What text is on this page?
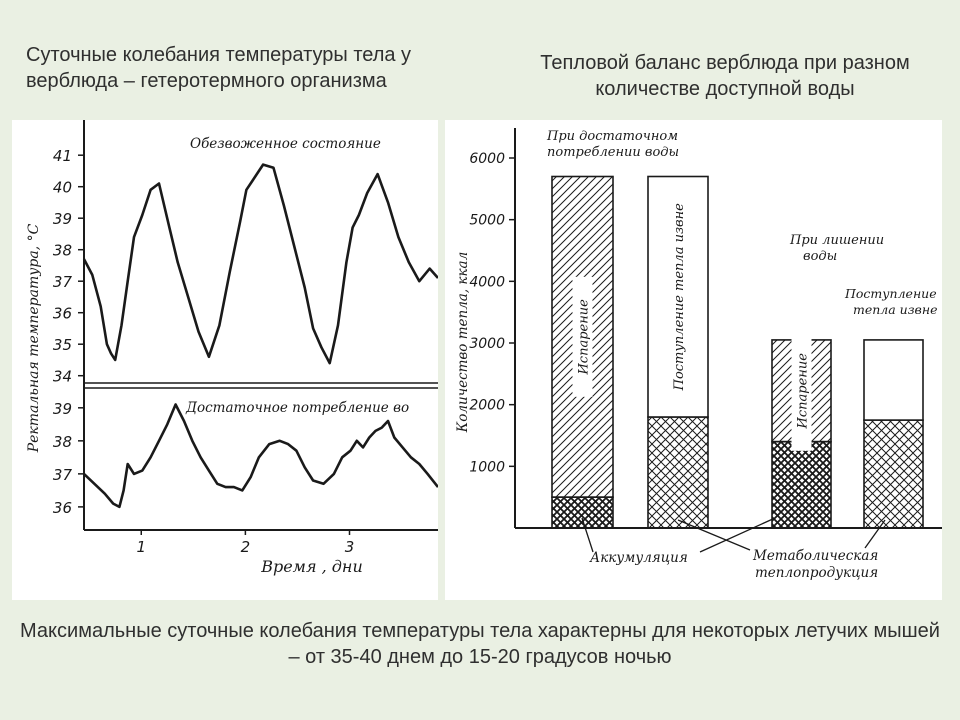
Суточные колебания температуры тела у верблюда – гетеротермного организма
Тепловой баланс верблюда при разном количестве доступной воды
34
35
36
37
38
39
40
41
Обезвоженное состояние
36
37
38
39	Достаточное потребление во
1	2	3
Время , дни
Ректальная температура, °C
1000
2000
3000
4000
5000
6000
Количество тепла, ккал	Испарение	Поступление тепла извне
Испарение
При достаточном
потреблении воды
При лишении
воды
Поступление
тепла извне
Аккумуляция	Метаболическая
теплопродукция
Максимальные суточные колебания температуры тела характерны для некоторых летучих мышей – от 35-40 днем до 15-20 градусов ночью
